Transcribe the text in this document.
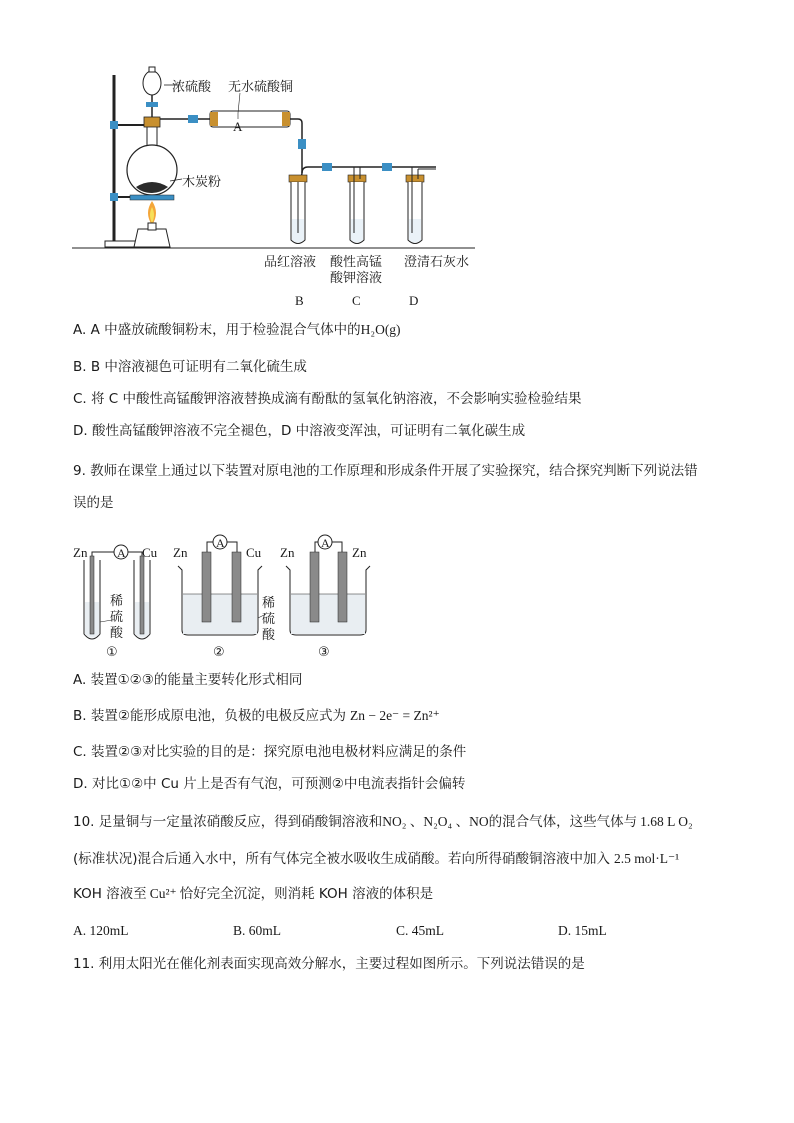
浓硫酸 无水硫酸铜
A
木炭粉
品红溶液 酸性高锰
酸钾溶液
澄清石灰水
B	C	D
A. A 中盛放硫酸铜粉末，用于检验混合气体中的H₂O(g)
B. B 中溶液褪色可证明有二氧化硫生成
C. 将 C 中酸性高锰酸钾溶液替换成滴有酚酞的氢氧化钠溶液，不会影响实验检验结果
D. 酸性高锰酸钾溶液不完全褪色，D 中溶液变浑浊，可证明有二氧化碳生成
9. 教师在课堂上通过以下装置对原电池的工作原理和形成条件开展了实验探究，结合探究判断下列说法错
误的是
Zn	Cu
A
稀
硫
酸
①
Zn	Cu
A
稀
硫
酸
②
Zn	Zn
A
③
A. 装置①②③的能量主要转化形式相同
B. 装置②能形成原电池，负极的电极反应式为 Zn − 2e⁻ = Zn²⁺
C. 装置②③对比实验的目的是：探究原电池电极材料应满足的条件
D. 对比①②中 Cu 片上是否有气泡，可预测②中电流表指针会偏转
10. 足量铜与一定量浓硝酸反应，得到硝酸铜溶液和NO₂ 、N₂O₄ 、NO的混合气体，这些气体与 1.68 L O₂
(标准状况)混合后通入水中，所有气体完全被水吸收生成硝酸。若向所得硝酸铜溶液中加入 2.5 mol·L⁻¹
KOH 溶液至 Cu²⁺ 恰好完全沉淀，则消耗 KOH 溶液的体积是
A. 120mL	B. 60mL	C. 45mL	D. 15mL
11. 利用太阳光在催化剂表面实现高效分解水，主要过程如图所示。下列说法错误的是
